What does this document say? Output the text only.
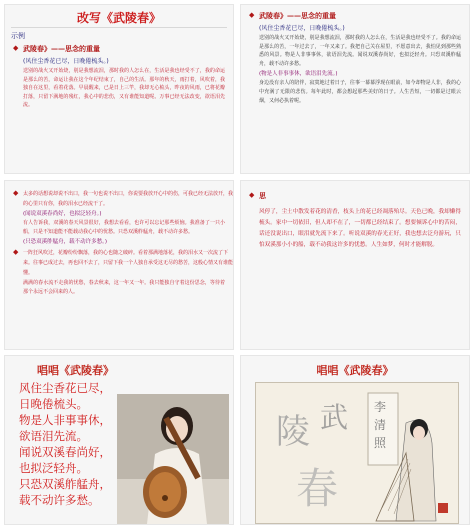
改写《武陵春》
示例
◆ 武陵春》——思念的重量
(风住尘香花已尽，日晚倦梳头。)
送别的战火又开始烧，别是我想流泪，那时我的人怎么在，生活是我也经受不了，我的命运是那么的苦，命运让我在这个年纪结束了，自己的生活。那年的秋天，雨打着，风吹着，我独自在这里，看着花落。早晨醒来，已是日上三竿，我却无心梳头，昨夜的风雨，已将花瓣打落，只留下满地的残红，我心中的悲伤，又有谁能知道呢。万事已经无法改变，欲语泪先流。
◆ 武陵春》——思念的重量
(风住尘香花已尽，日晚倦梳头。)
送别的战火又开始烧，别是我想流泪，那时我的人怎么在，生活是我也经受不了。我的命运是那么的苦，一年过去了，一年又来了。我把自己关在屋里，不愿意出去，我怕见到那些熟悉的风景。物是人非事事休，欲语泪先流。闻说双溪春尚好，也拟泛轻舟。只恐双溪舴艋舟，载不动许多愁。
(物是人非事事休，欲语泪先流。)
身边没有亲人的陪伴，寂寞地过着日子，往事一幕幕浮现在眼前，如今却物是人非，我的心中充满了无限的悲伤。每年此时，都会想起那些美好的日子。人生苦短，一切都是过眼云烟，又何必执着呢。
◆ 太多的话想说却说不出口，我一句也说不出口，你说要我放开心中的伤，可我已经无法放开，我的心里只有你，我的泪水已经流干了。
(闻说双溪春尚好，也拟泛轻舟。)
有人告诉我，双溪的春天风景很好，我想去看看，也许可以忘记那些烦恼。我准备了一只小船，只是不知道能不能载动我心中的忧愁。只恐双溪舴艋舟，载不动许多愁。
(只恐双溪舴艋舟，载不动许多愁。)
◆ 一阵狂风吹过，花瓣纷纷飘落，我的心也随之破碎。看着那满地落花，我的泪水又一次流了下来。往事已成过去，再也回不去了，只留下我一个人独自承受这无尽的愁苦，这般心情又有谁能懂。
满满的春水流不走我的忧愁，春去秋来，这一年又一年。我只能独自守着这份思念，等待着那个永远不会回来的人。
◆ 思
风停了，尘土中散发着花的清香，枝头上的花已经凋落殆尽。天色已晚，我却懒得梳头。家中一切依旧，但人却不在了，一切都已经结束了。想要倾诉心中的苦闷，话还没说出口，眼泪就先流下来了。听说双溪的春光正好，我也想去泛舟游玩，只怕双溪那小小的船，载不动我这许多的忧愁。人生如梦，何时才能解脱。
唱唱《武陵春》
风住尘香花已尽，
日晚倦梳头。
物是人非事事休，
欲语泪先流。
闻说双溪春尚好，
也拟泛轻舟。
只恐双溪舴艋舟，
载不动许多愁。
唱唱《武陵春》
陵 武
春
李
清
照
